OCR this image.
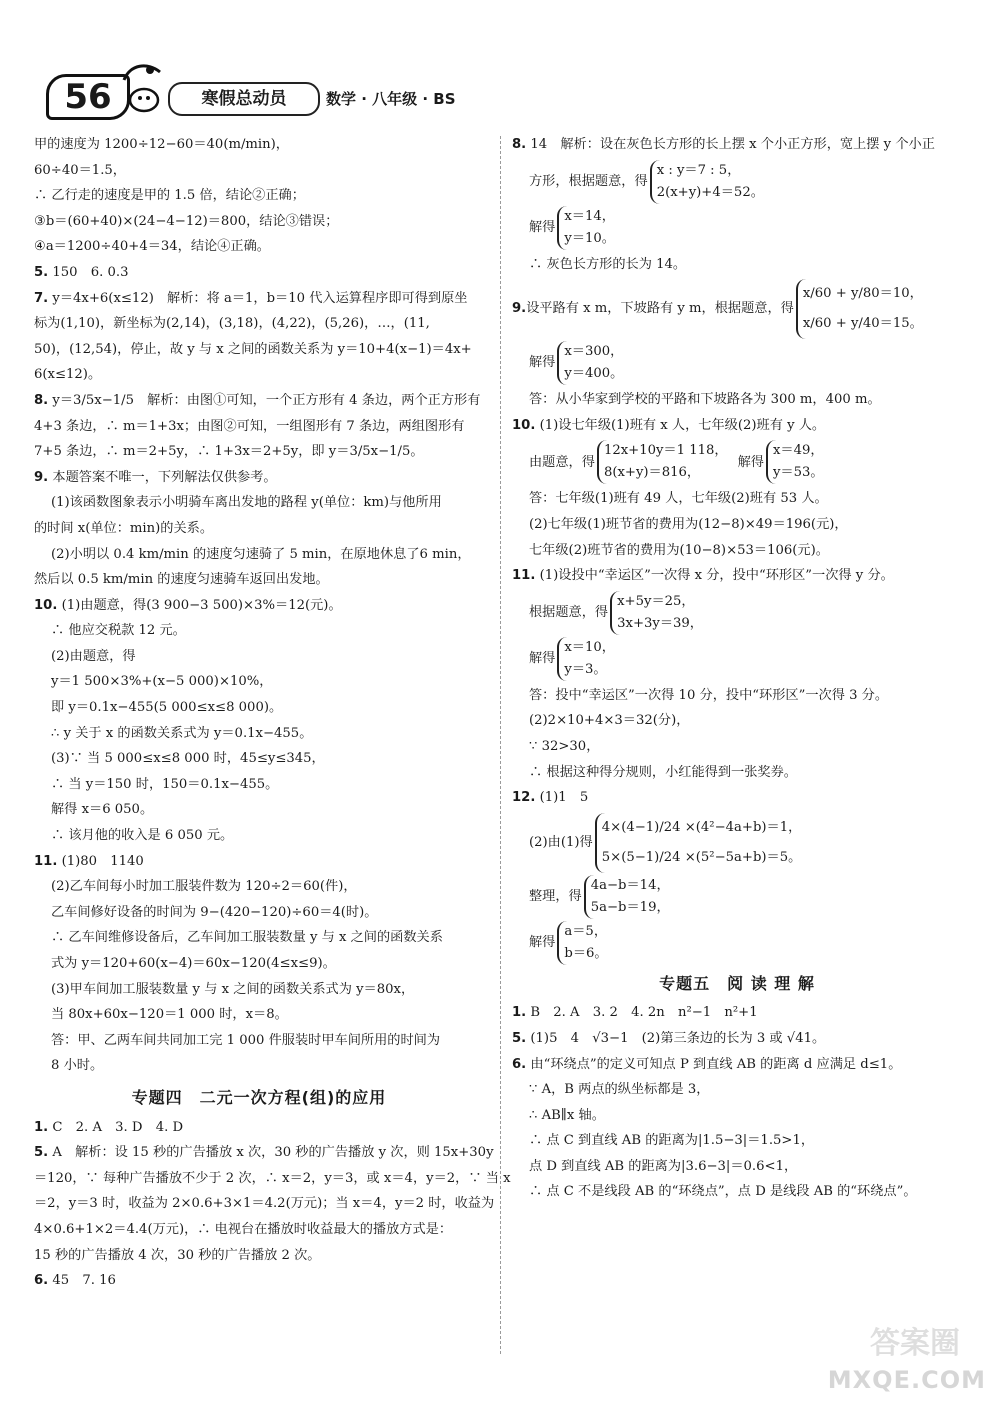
56	寒假总动员	数学 · 八年级 · BS

甲的速度为 1200÷12−60＝40(m/min)，

60÷40＝1.5，

∴ 乙行走的速度是甲的 1.5 倍，结论②正确；

③b＝(60+40)×(24−4−12)＝800，结论③错误；

④a＝1200÷40+4＝34，结论④正确。

5. 150　6. 0.3

7. y＝4x+6(x≤12)　解析：将 a＝1，b＝10 代入运算程序即可得到原坐

标为(1,10)，新坐标为(2,14)，(3,18)，(4,22)，(5,26)，…，(11,

50)，(12,54)，停止，故 y 与 x 之间的函数关系为 y＝10+4(x−1)＝4x+

6(x≤12)。

8. y＝3/5x−1/5　解析：由图①可知，一个正方形有 4 条边，两个正方形有

4+3 条边，∴ m＝1+3x；由图②可知，一组图形有 7 条边，两组图形有

7+5 条边，∴ m＝2+5y，∴ 1+3x＝2+5y，即 y＝3/5x−1/5。

9. 本题答案不唯一，下列解法仅供参考。

(1)该函数图象表示小明骑车离出发地的路程 y(单位：km)与他所用

的时间 x(单位：min)的关系。

(2)小明以 0.4 km/min 的速度匀速骑了 5 min，在原地休息了6 min，

然后以 0.5 km/min 的速度匀速骑车返回出发地。

10. (1)由题意，得(3 900−3 500)×3%＝12(元)。

∴ 他应交税款 12 元。

(2)由题意，得

y＝1 500×3%+(x−5 000)×10%，

即 y＝0.1x−455(5 000≤x≤8 000)。

∴ y 关于 x 的函数关系式为 y＝0.1x−455。

(3)∵ 当 5 000≤x≤8 000 时，45≤y≤345，

∴ 当 y＝150 时，150＝0.1x−455。

解得 x＝6 050。

∴ 该月他的收入是 6 050 元。

11. (1)80　1140

(2)乙车间每小时加工服装件数为 120÷2＝60(件)，

乙车间修好设备的时间为 9−(420−120)÷60＝4(时)。

∴ 乙车间维修设备后，乙车间加工服装数量 y 与 x 之间的函数关系

式为 y＝120+60(x−4)＝60x−120(4≤x≤9)。

(3)甲车间加工服装数量 y 与 x 之间的函数关系式为 y＝80x，

当 80x+60x−120＝1 000 时，x＝8。

答：甲、乙两车间共同加工完 1 000 件服装时甲车间所用的时间为

8 小时。

专题四　二元一次方程(组)的应用

1. C　2. A　3. D　4. D

5. A　解析：设 15 秒的广告播放 x 次，30 秒的广告播放 y 次，则 15x+30y

＝120，∵ 每种广告播放不少于 2 次，∴ x＝2，y＝3，或 x＝4，y＝2，∵ 当 x

＝2，y＝3 时，收益为 2×0.6+3×1＝4.2(万元)；当 x＝4，y＝2 时，收益为

4×0.6+1×2＝4.4(万元)，∴ 电视台在播放时收益最大的播放方式是：

15 秒的广告播放 4 次，30 秒的广告播放 2 次。

6. 45　7. 16

8. 14　解析：设在灰色长方形的长上摆 x 个小正方形，宽上摆 y 个小正

方形，根据题意，得
x : y＝7 : 5，
2(x+y)+4＝52。
解得
x＝14，
y＝10。

∴ 灰色长方形的长为 14。

9. 设平路有 x m，下坡路有 y m，根据题意，得
x/60 + y/80＝10，
x/60 + y/40＝15。
解得
x＝300，
y＝400。

答：从小华家到学校的平路和下坡路各为 300 m，400 m。

10. (1)设七年级(1)班有 x 人，七年级(2)班有 y 人。

由题意，得
12x+10y＝1 118，
8(x+y)＝816，
解得
x＝49，
y＝53。

答：七年级(1)班有 49 人，七年级(2)班有 53 人。

(2)七年级(1)班节省的费用为(12−8)×49＝196(元)，

七年级(2)班节省的费用为(10−8)×53＝106(元)。

11. (1)设投中“幸运区”一次得 x 分，投中“环形区”一次得 y 分。

根据题意，得
x+5y＝25，
3x+3y＝39，
解得
x＝10，
y＝3。

答：投中“幸运区”一次得 10 分，投中“环形区”一次得 3 分。

(2)2×10+4×3＝32(分)，

∵ 32>30，

∴ 根据这种得分规则，小红能得到一张奖券。

12. (1)1　5

(2)由(1)得
4×(4−1)/24 ×(4²−4a+b)＝1，
5×(5−1)/24 ×(5²−5a+b)＝5。
整理，得
4a−b＝14，
5a−b＝19，
解得
a＝5，
b＝6。

专题五　阅 读 理 解

1. B　2. A　3. 2　4. 2n　n²−1　n²+1

5. (1)5　4　√3−1　(2)第三条边的长为 3 或 √41。

6. 由“环绕点”的定义可知点 P 到直线 AB 的距离 d 应满足 d≤1。

∵ A，B 两点的纵坐标都是 3，

∴ AB∥x 轴。

∴ 点 C 到直线 AB 的距离为|1.5−3|＝1.5>1，

点 D 到直线 AB 的距离为|3.6−3|＝0.6<1，

∴ 点 C 不是线段 AB 的“环绕点”，点 D 是线段 AB 的“环绕点”。

答案圈
MXQE.COM
